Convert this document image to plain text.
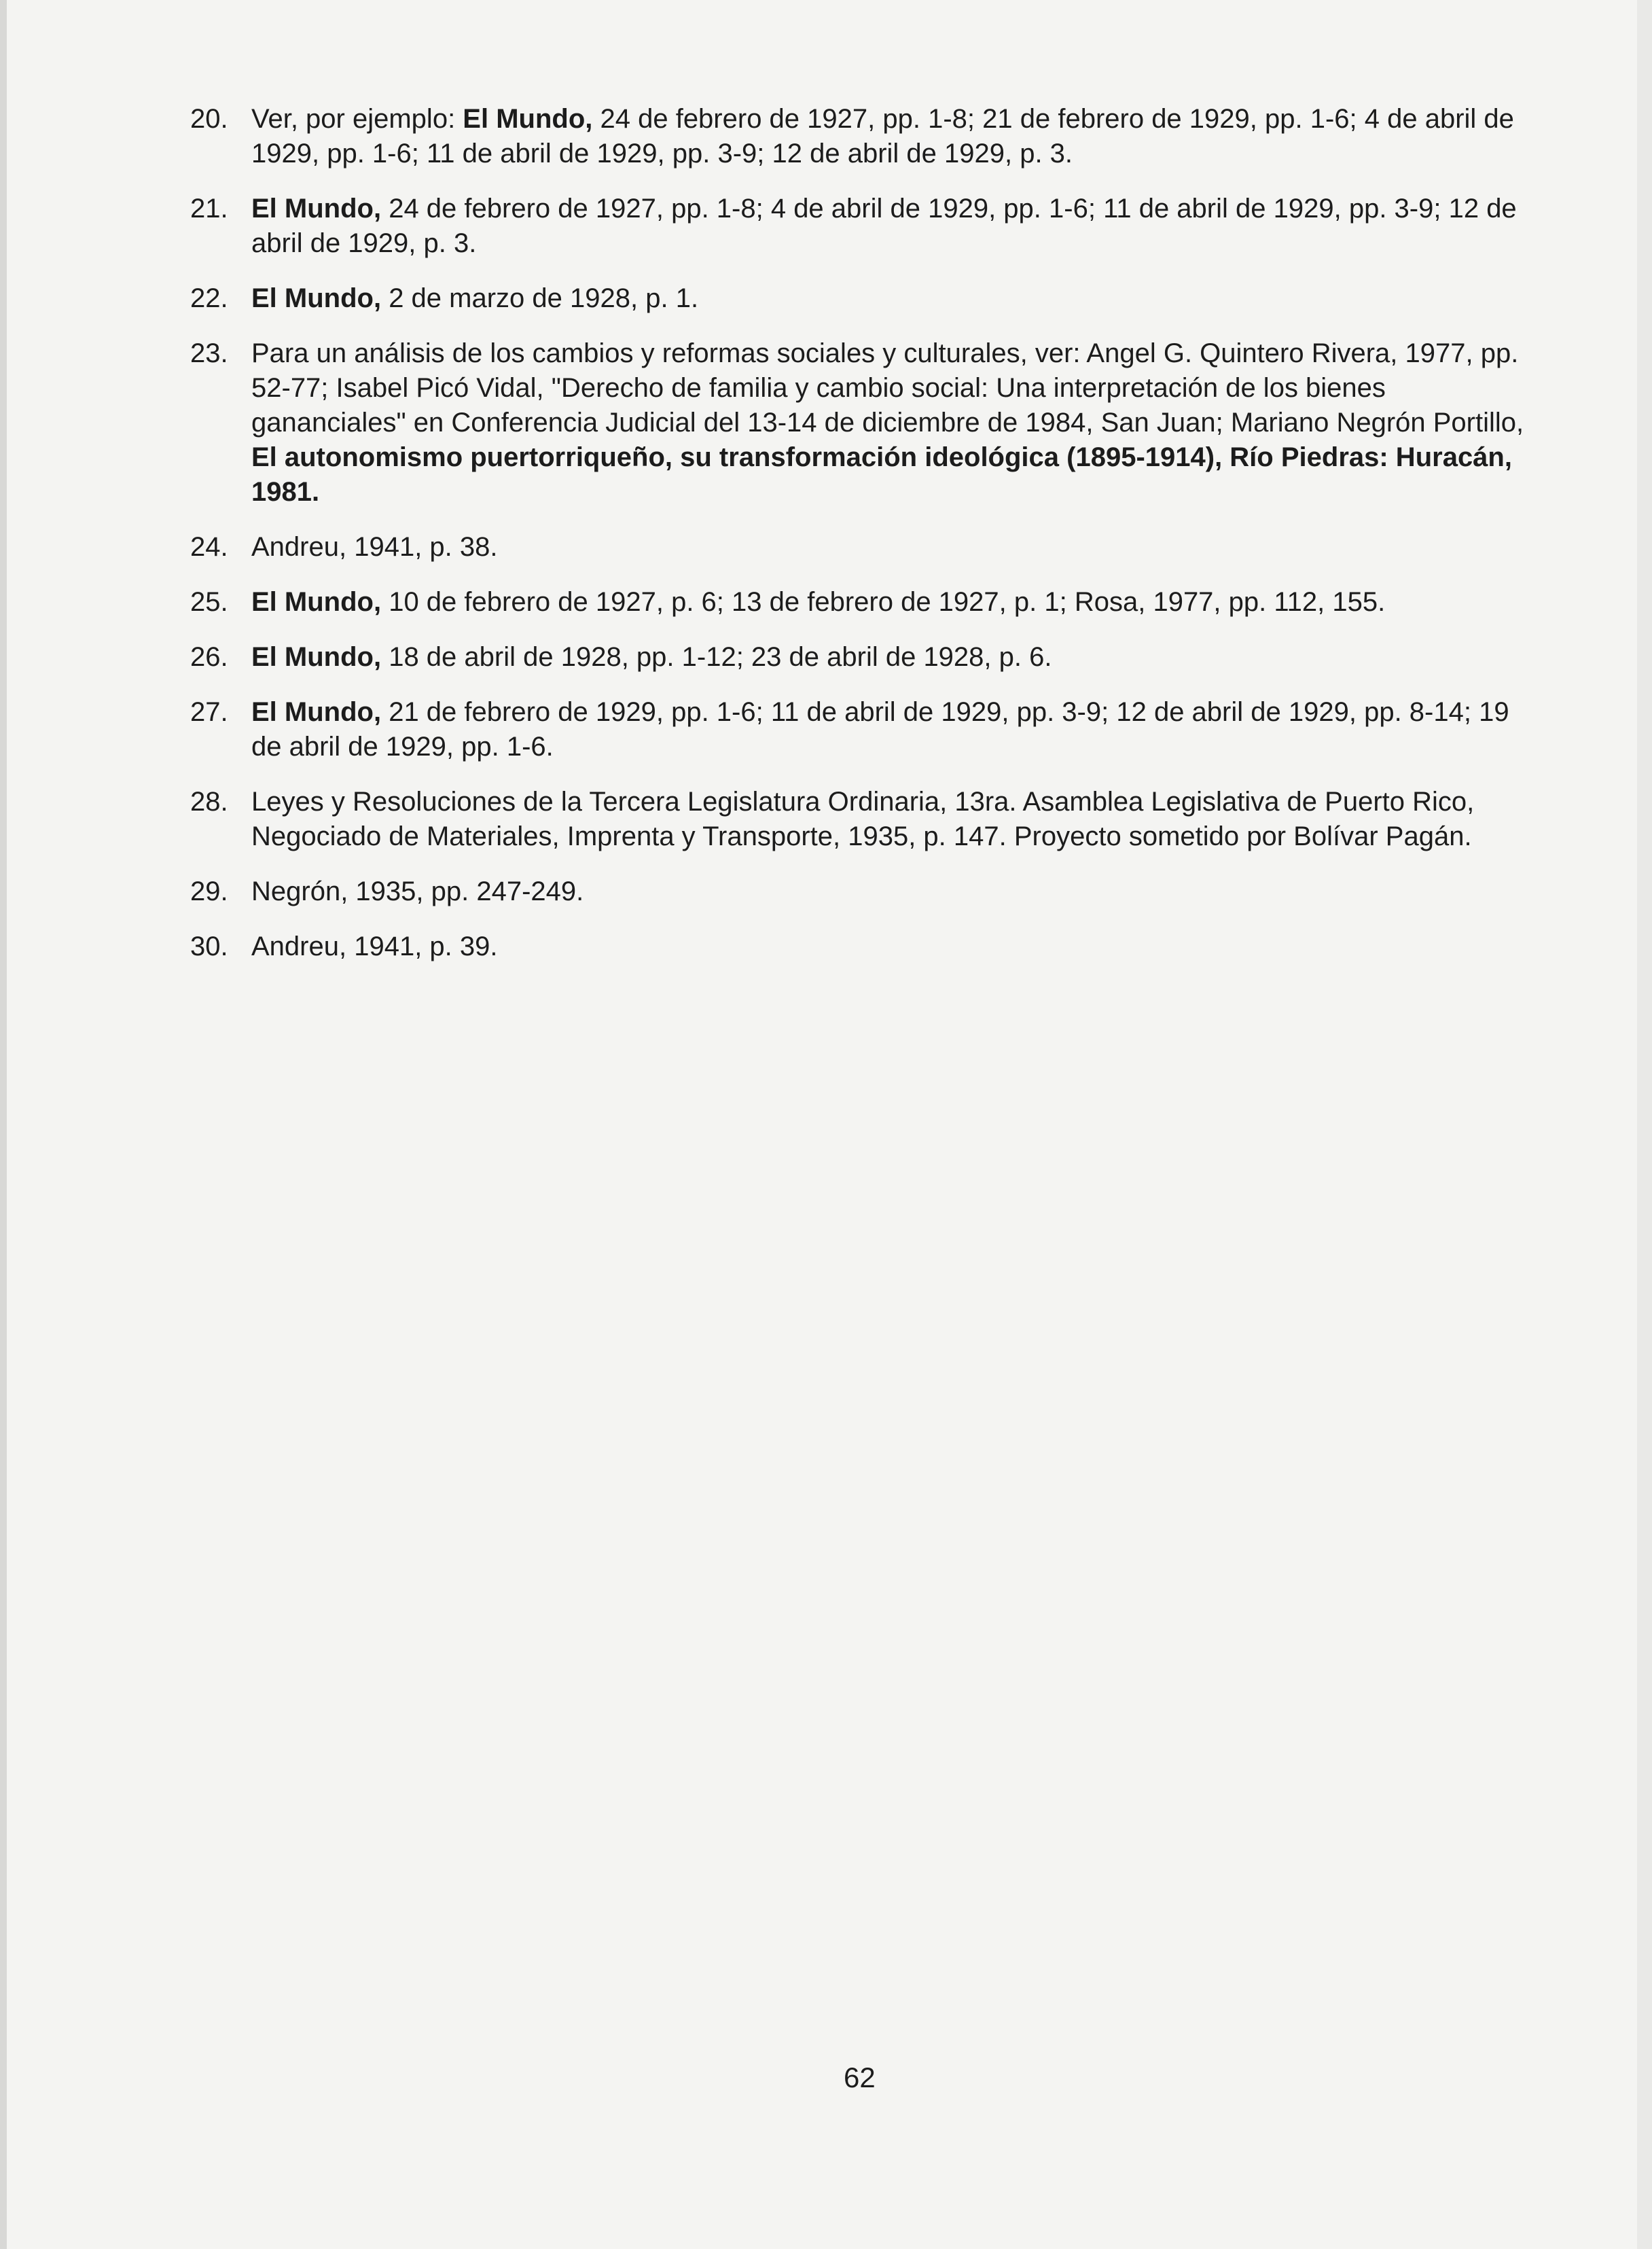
20. Ver, por ejemplo: El Mundo, 24 de febrero de 1927, pp. 1-8; 21 de febrero de 1929, pp. 1-6; 4 de abril de 1929, pp. 1-6; 11 de abril de 1929, pp. 3-9; 12 de abril de 1929, p. 3.
21. El Mundo, 24 de febrero de 1927, pp. 1-8; 4 de abril de 1929, pp. 1-6; 11 de abril de 1929, pp. 3-9; 12 de abril de 1929, p. 3.
22. El Mundo, 2 de marzo de 1928, p. 1.
23. Para un análisis de los cambios y reformas sociales y culturales, ver: Angel G. Quintero Rivera, 1977, pp. 52-77; Isabel Picó Vidal, "Derecho de familia y cambio social: Una interpretación de los bienes gananciales" en Conferencia Judicial del 13-14 de diciembre de 1984, San Juan; Mariano Negrón Portillo, El autonomismo puertorriqueño, su transformación ideológica (1895-1914), Río Piedras: Huracán, 1981.
24. Andreu, 1941, p. 38.
25. El Mundo, 10 de febrero de 1927, p. 6; 13 de febrero de 1927, p. 1; Rosa, 1977, pp. 112, 155.
26. El Mundo, 18 de abril de 1928, pp. 1-12; 23 de abril de 1928, p. 6.
27. El Mundo, 21 de febrero de 1929, pp. 1-6; 11 de abril de 1929, pp. 3-9; 12 de abril de 1929, pp. 8-14; 19 de abril de 1929, pp. 1-6.
28. Leyes y Resoluciones de la Tercera Legislatura Ordinaria, 13ra. Asamblea Legislativa de Puerto Rico, Negociado de Materiales, Imprenta y Transporte, 1935, p. 147. Proyecto sometido por Bolívar Pagán.
29. Negrón, 1935, pp. 247-249.
30. Andreu, 1941, p. 39.
62
